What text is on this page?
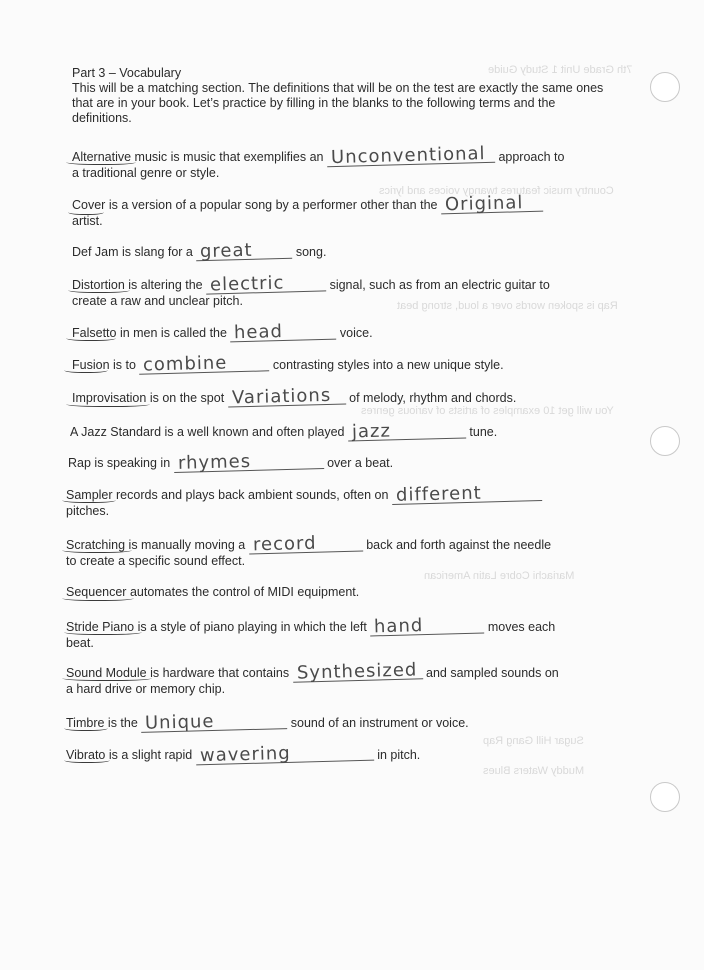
7th Grade Unit 1 Study Guide
Country music features twangy voices and lyrics
Rap is spoken words over a loud, strong beat
You will get 10 examples of artists of various genres
Mariachi Cobre Latin American
Sugar Hill Gang Rap
Muddy Waters Blues
Part 3 – Vocabulary
This will be a matching section. The definitions that will be on the test are exactly the same ones that are in your book. Let’s practice by filling in the blanks to the following terms and the definitions.
Alternative music is music that exemplifies an Unconventional approach to
a traditional genre or style.
Cover is a version of a popular song by a performer other than the Original
artist.
Def Jam is slang for a great	song.
Distortion is altering the electric	signal, such as from an electric guitar to
create a raw and unclear pitch.
Falsetto in men is called the head	voice.
Fusion is to combine	contrasting styles into a new unique style.
Improvisation is on the spot Variations of melody, rhythm and chords.
A Jazz Standard is a well known and often played jazz	tune.
Rap is speaking in rhymes	over a beat.
Sampler records and plays back ambient sounds, often on different
pitches.
Scratching is manually moving a record	back and forth against the needle
to create a specific sound effect.
Sequencer automates the control of MIDI equipment.
Stride Piano is a style of piano playing in which the left hand	moves each
beat.
Sound Module is hardware that contains Synthesized and sampled sounds on
a hard drive or memory chip.
Timbre is the Unique	sound of an instrument or voice.
Vibrato is a slight rapid wavering	in pitch.
